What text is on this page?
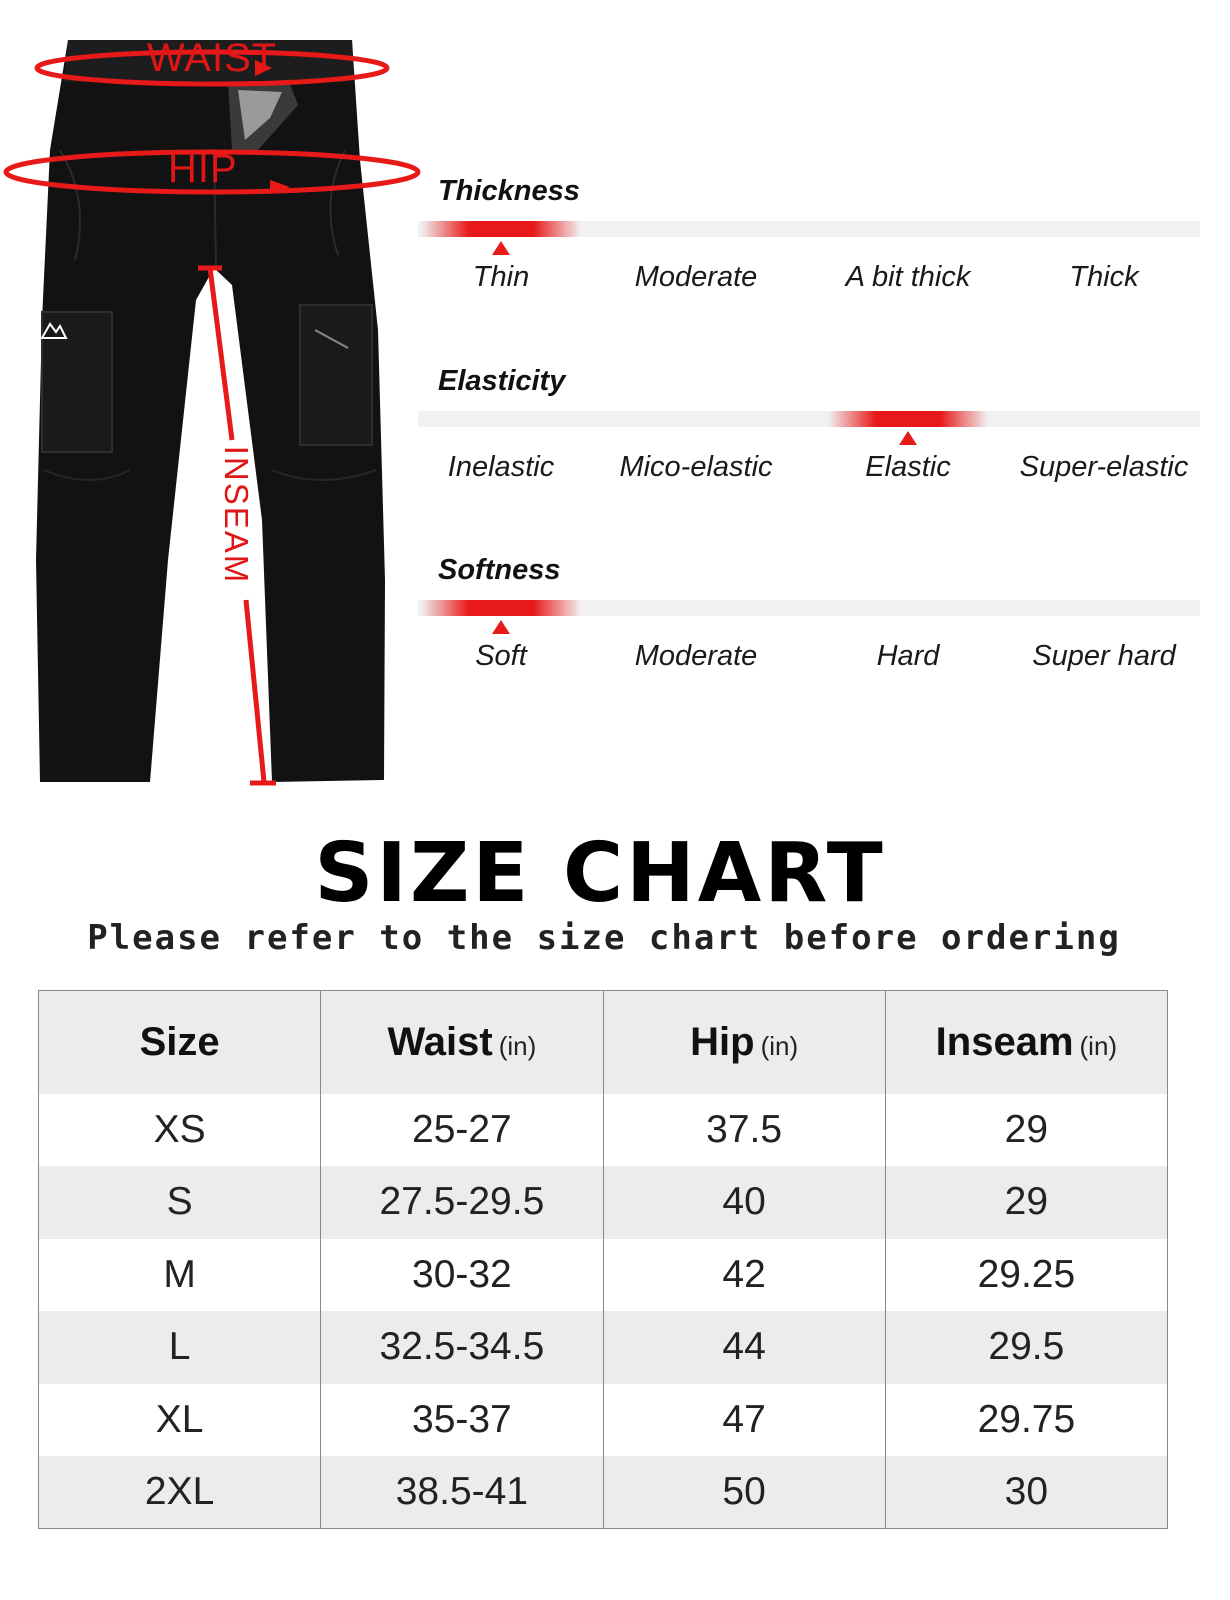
WAIST
HIP
INSEAM
Thickness
Thin	Moderate	A bit thick	Thick
Elasticity
Inelastic Mico-elastic	Elastic Super-elastic
Softness
Soft	Moderate	Hard	Super hard
SIZE CHART
Please refer to the size chart before ordering
Size	Waist (in)	Hip (in)	Inseam (in)
XS	25-27	37.5	29
S	27.5-29.5	40	29
M	30-32	42	29.25
L	32.5-34.5	44	29.5
XL	35-37	47	29.75
2XL	38.5-41	50	30
